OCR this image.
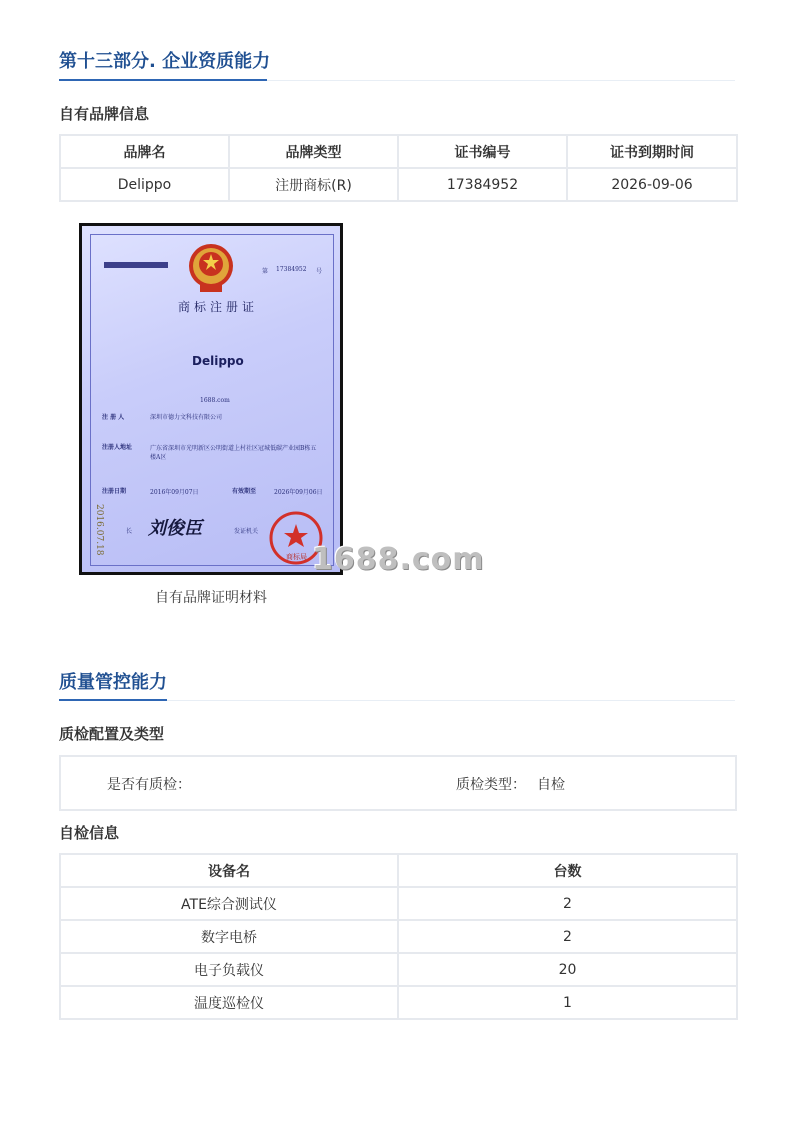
第十三部分. 企业资质能力
自有品牌信息
品牌名	品牌类型	证书编号	证书到期时间
Delippo	注册商标(R)	17384952	2026-09-06
第 17384952 号
商标注册证
Delippo
1688.com
注 册 人	深圳市德力文科技有限公司
注册人地址	广东省深圳市光明新区公明街道上村社区冠城低碳产业园B栋五楼A区
注册日期	2016年09月07日	有效期至	2026年09月06日
2016.07.18	长 刘俊臣	发证机关
商标局 1688.com
自有品牌证明材料
质量管控能力
质检配置及类型
是否有质检：	质检类型： 自检
自检信息
设备名	台数
ATE综合测试仪	2
数字电桥	2
电子负载仪	20
温度巡检仪	1
